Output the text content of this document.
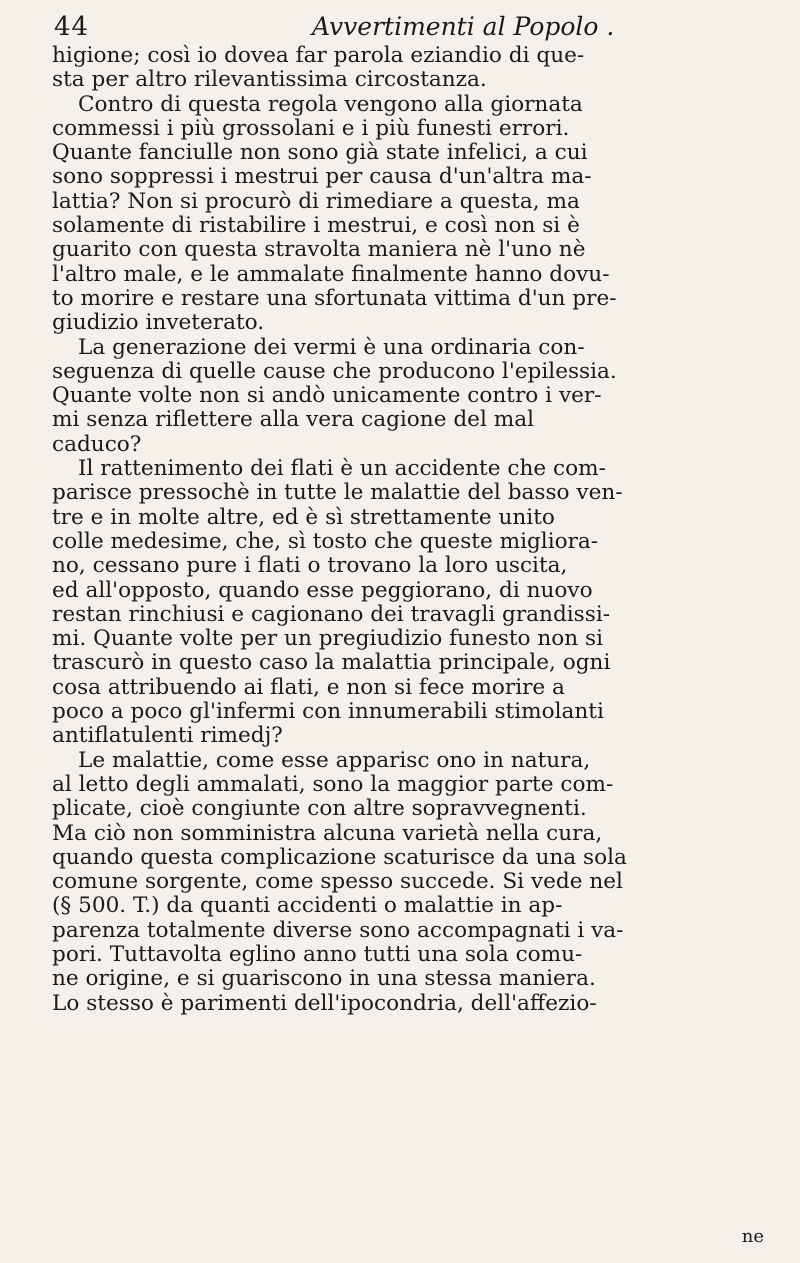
44	Avvertimenti al Popolo .
higione; così io dovea far parola eziandio di que-
sta per altro rilevantissima circostanza.
Contro di questa regola vengono alla giornata
commessi i più grossolani e i più funesti errori.
Quante fanciulle non sono già state infelici, a cui
sono soppressi i mestrui per causa d'un'altra ma-
lattia? Non si procurò di rimediare a questa, ma
solamente di ristabilire i mestrui, e così non si è
guarito con questa stravolta maniera nè l'uno nè
l'altro male, e le ammalate finalmente hanno dovu-
to morire e restare una sfortunata vittima d'un pre-
giudizio inveterato.
La generazione dei vermi è una ordinaria con-
seguenza di quelle cause che producono l'epilessia.
Quante volte non si andò unicamente contro i ver-
mi senza riflettere alla vera cagione del mal
caduco?
Il rattenimento dei flati è un accidente che com-
parisce pressochè in tutte le malattie del basso ven-
tre e in molte altre, ed è sì strettamente unito
colle medesime, che, sì tosto che queste migliora-
no, cessano pure i flati o trovano la loro uscita,
ed all'opposto, quando esse peggiorano, di nuovo
restan rinchiusi e cagionano dei travagli grandissi-
mi. Quante volte per un pregiudizio funesto non si
trascurò in questo caso la malattia principale, ogni
cosa attribuendo ai flati, e non si fece morire a
poco a poco gl'infermi con innumerabili stimolanti
antiflatulenti rimedj?
Le malattie, come esse apparisc ono in natura,
al letto degli ammalati, sono la maggior parte com-
plicate, cioè congiunte con altre sopravvegnenti.
Ma ciò non somministra alcuna varietà nella cura,
quando questa complicazione scaturisce da una sola
comune sorgente, come spesso succede. Si vede nel
(§ 500. T.) da quanti accidenti o malattie in ap-
parenza totalmente diverse sono accompagnati i va-
pori. Tuttavolta eglino anno tutti una sola comu-
ne origine, e si guariscono in una stessa maniera.
Lo stesso è parimenti dell'ipocondria, dell'affezio-
ne
